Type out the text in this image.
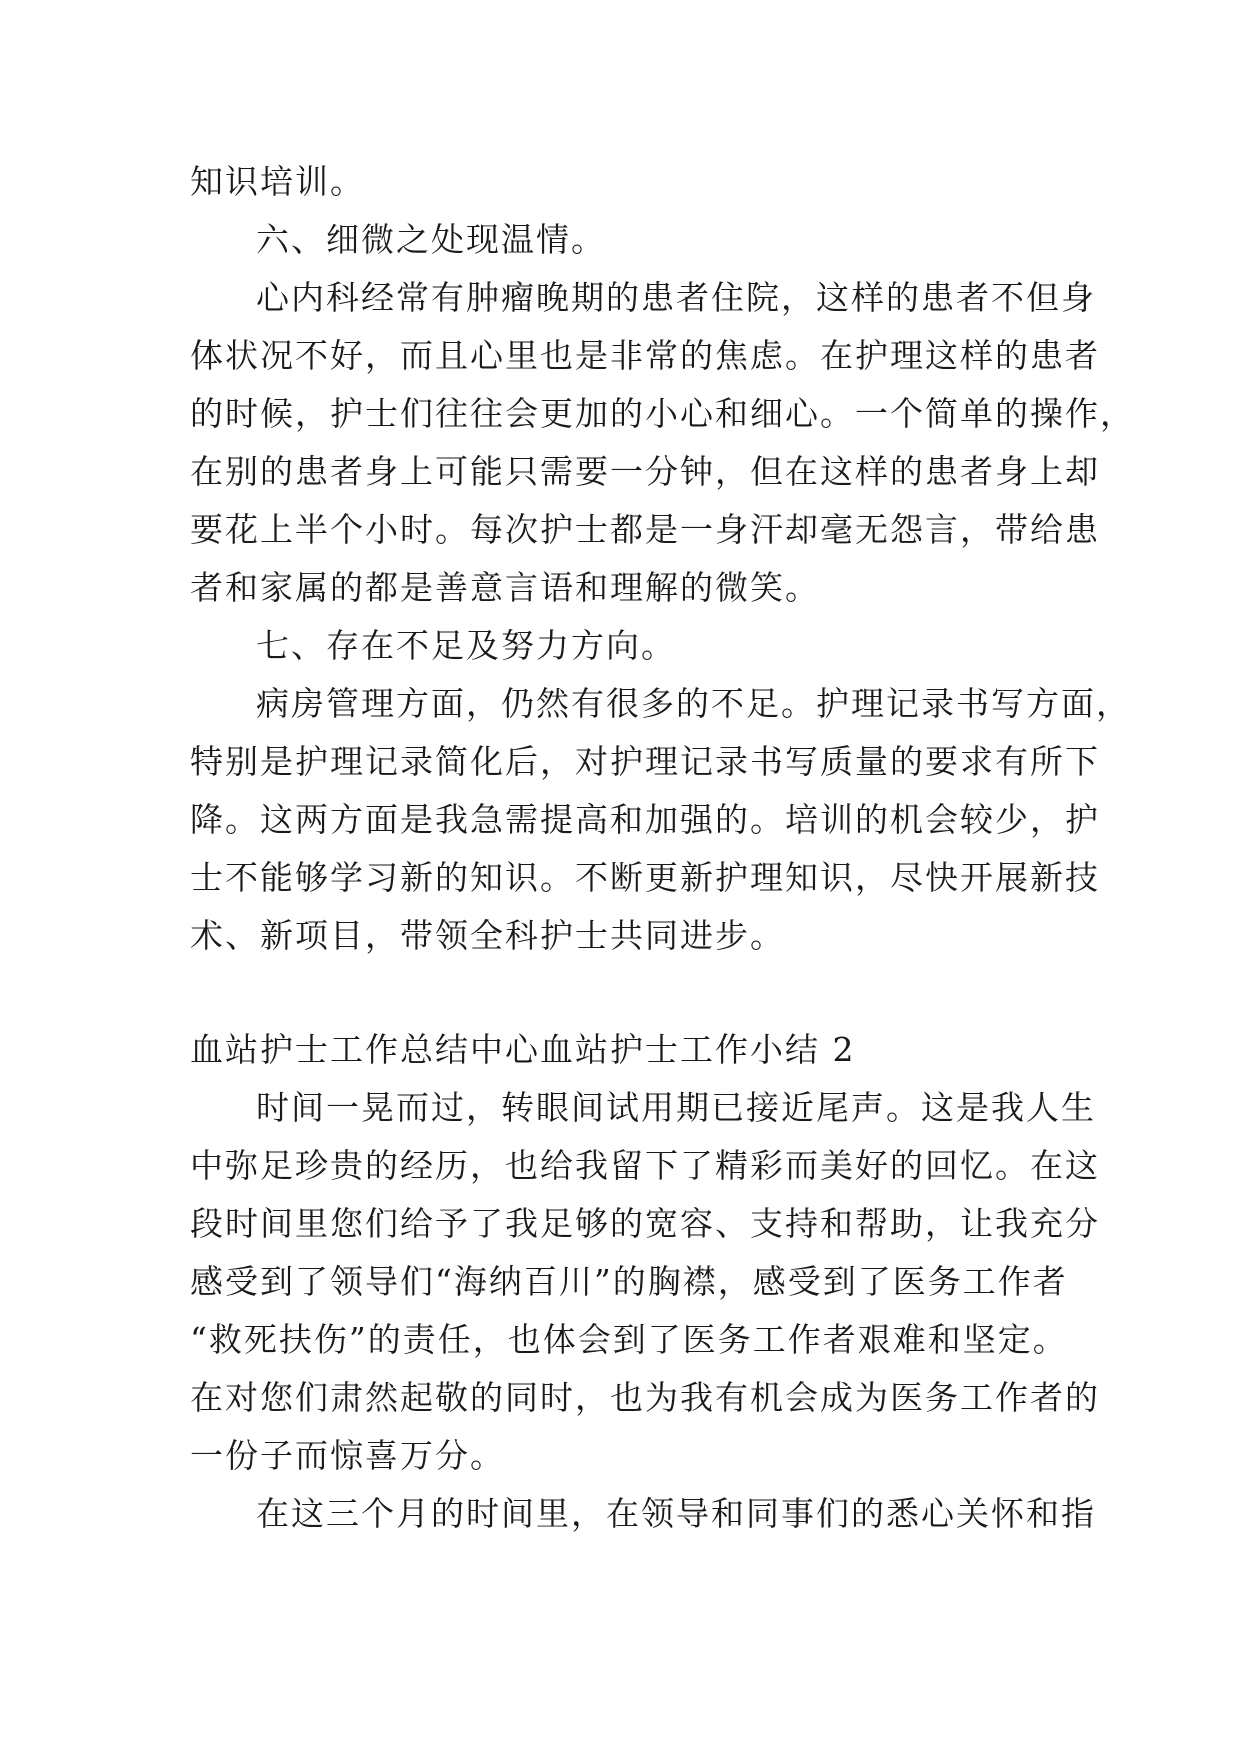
知识培训。
六、细微之处现温情。
心内科经常有肿瘤晚期的患者住院，这样的患者不但身
体状况不好，而且心里也是非常的焦虑。在护理这样的患者
的时候，护士们往往会更加的小心和细心。一个简单的操作，
在别的患者身上可能只需要一分钟，但在这样的患者身上却
要花上半个小时。每次护士都是一身汗却毫无怨言，带给患
者和家属的都是善意言语和理解的微笑。
七、存在不足及努力方向。
病房管理方面，仍然有很多的不足。护理记录书写方面，
特别是护理记录简化后，对护理记录书写质量的要求有所下
降。这两方面是我急需提高和加强的。培训的机会较少，护
士不能够学习新的知识。不断更新护理知识，尽快开展新技
术、新项目，带领全科护士共同进步。
血站护士工作总结中心血站护士工作小结 2
时间一晃而过，转眼间试用期已接近尾声。这是我人生
中弥足珍贵的经历，也给我留下了精彩而美好的回忆。在这
段时间里您们给予了我足够的宽容、支持和帮助，让我充分
感受到了领导们“海纳百川”的胸襟，感受到了医务工作者
“救死扶伤”的责任，也体会到了医务工作者艰难和坚定。
在对您们肃然起敬的同时，也为我有机会成为医务工作者的
一份子而惊喜万分。
在这三个月的时间里，在领导和同事们的悉心关怀和指
